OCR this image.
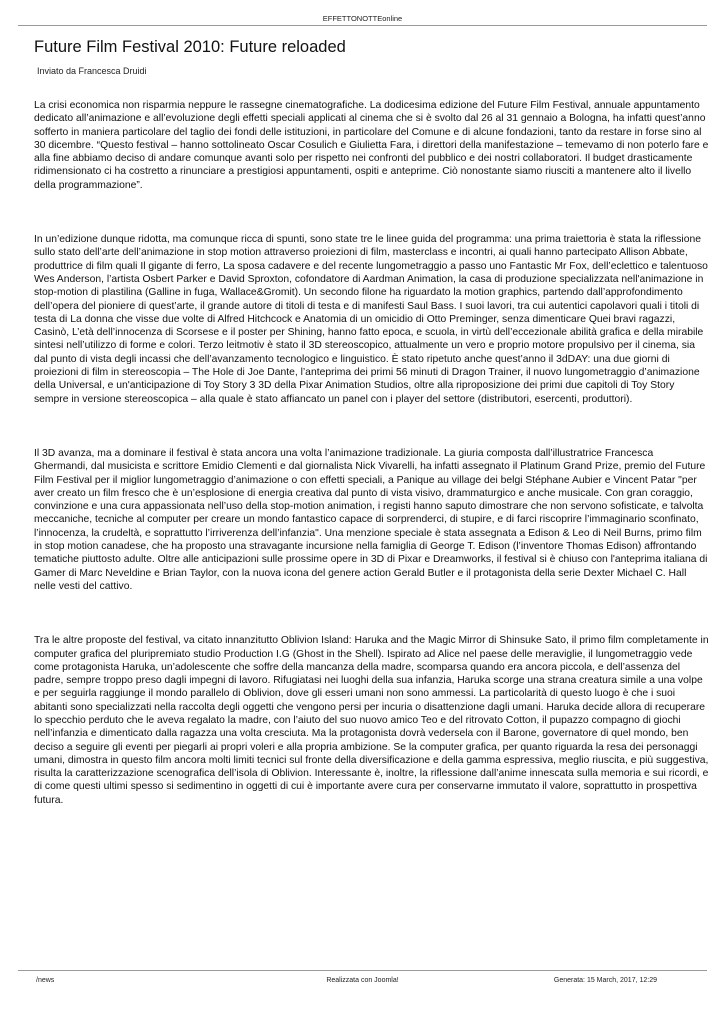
EFFETTONOTTEonline
Future Film Festival 2010: Future reloaded
Inviato da Francesca Druidi

La crisi economica non risparmia neppure le rassegne cinematografiche. La dodicesima edizione del Future Film Festival, annuale appuntamento dedicato all’animazione e all’evoluzione degli effetti speciali applicati al cinema che si è svolto dal 26 al 31 gennaio a Bologna, ha infatti quest’anno sofferto in maniera particolare del taglio dei fondi delle istituzioni, in particolare del Comune e di alcune fondazioni, tanto da restare in forse sino al 30 dicembre. “Questo festival – hanno sottolineato Oscar Cosulich e Giulietta Fara, i direttori della manifestazione – temevamo di non poterlo fare e alla fine abbiamo deciso di andare comunque avanti solo per rispetto nei confronti del pubblico e dei nostri collaboratori. Il budget drasticamente ridimensionato ci ha costretto a rinunciare a prestigiosi appuntamenti, ospiti e anteprime. Ciò nonostante siamo riusciti a mantenere alto il livello della programmazione”.

In un’edizione dunque ridotta, ma comunque ricca di spunti, sono state tre le linee guida del programma: una prima traiettoria è stata la riflessione sullo stato dell’arte dell’animazione in stop motion attraverso proiezioni di film, masterclass e incontri, ai quali hanno partecipato Allison Abbate, produttrice di film quali Il gigante di ferro, La sposa cadavere e del recente lungometraggio a passo uno Fantastic Mr Fox, dell’eclettico e talentuoso Wes Anderson, l’artista Osbert Parker e David Sproxton, cofondatore di Aardman Animation, la casa di produzione specializzata nell'animazione in stop-motion di plastilina (Galline in fuga, Wallace&Gromit). Un secondo filone ha riguardato la motion graphics, partendo dall’approfondimento dell’opera del pioniere di quest’arte, il grande autore di titoli di testa e di manifesti Saul Bass. I suoi lavori, tra cui autentici capolavori quali i titoli di testa di La donna che visse due volte di Alfred Hitchcock e Anatomia di un omicidio di Otto Preminger, senza dimenticare Quei bravi ragazzi, Casinò, L’età dell’innocenza di Scorsese e il poster per Shining, hanno fatto epoca, e scuola, in virtù dell’eccezionale abilità grafica e della mirabile sintesi nell’utilizzo di forme e colori. Terzo leitmotiv è stato il 3D stereoscopico, attualmente un vero e proprio motore propulsivo per il cinema, sia dal punto di vista degli incassi che dell’avanzamento tecnologico e linguistico. È stato ripetuto anche quest’anno il 3dDAY: una due giorni di proiezioni di film in stereoscopia – The Hole di Joe Dante, l’anteprima dei primi 56 minuti di Dragon Trainer, il nuovo lungometraggio d’animazione della Universal, e un'anticipazione di Toy Story 3 3D della Pixar Animation Studios, oltre alla riproposizione dei primi due capitoli di Toy Story sempre in versione stereoscopica – alla quale è stato affiancato un panel con i player del settore (distributori, esercenti, produttori).

Il 3D avanza, ma a dominare il festival è stata ancora una volta l’animazione tradizionale. La giuria composta dall’illustratrice Francesca Ghermandi, dal musicista e scrittore Emidio Clementi e dal giornalista Nick Vivarelli, ha infatti assegnato il Platinum Grand Prize, premio del Future Film Festival per il miglior lungometraggio d’animazione o con effetti speciali, a Panique au village dei belgi Stéphane Aubier e Vincent Patar "per aver creato un film fresco che è un’esplosione di energia creativa dal punto di vista visivo, drammaturgico e anche musicale. Con gran coraggio, convinzione e una cura appassionata nell’uso della stop-motion animation, i registi hanno saputo dimostrare che non servono sofisticate, e talvolta meccaniche, tecniche al computer per creare un mondo fantastico capace di sorprenderci, di stupire, e di farci riscoprire l’immaginario sconfinato, l’innocenza, la crudeltà, e soprattutto l’irriverenza dell’infanzia". Una menzione speciale è stata assegnata a Edison & Leo di Neil Burns, primo film in stop motion canadese, che ha proposto una stravagante incursione nella famiglia di George T. Edison (l’inventore Thomas Edison) affrontando tematiche piuttosto adulte. Oltre alle anticipazioni sulle prossime opere in 3D di Pixar e Dreamworks, il festival si è chiuso con l'anteprima italiana di Gamer di Marc Neveldine e Brian Taylor, con la nuova icona del genere action Gerald Butler e il protagonista della serie Dexter Michael C. Hall nelle vesti del cattivo.

Tra le altre proposte del festival, va citato innanzitutto Oblivion Island: Haruka and the Magic Mirror di Shinsuke Sato, il primo film completamente in computer grafica del pluripremiato studio Production I.G (Ghost in the Shell). Ispirato ad Alice nel paese delle meraviglie, il lungometraggio vede come protagonista Haruka, un’adolescente che soffre della mancanza della madre, scomparsa quando era ancora piccola, e dell’assenza del padre, sempre troppo preso dagli impegni di lavoro. Rifugiatasi nei luoghi della sua infanzia, Haruka scorge una strana creatura simile a una volpe e per seguirla raggiunge il mondo parallelo di Oblivion, dove gli esseri umani non sono ammessi. La particolarità di questo luogo è che i suoi abitanti sono specializzati nella raccolta degli oggetti che vengono persi per incuria o disattenzione dagli umani. Haruka decide allora di recuperare lo specchio perduto che le aveva regalato la madre, con l’aiuto del suo nuovo amico Teo e del ritrovato Cotton, il pupazzo compagno di giochi nell’infanzia e dimenticato dalla ragazza una volta cresciuta. Ma la protagonista dovrà vedersela con il Barone, governatore di quel mondo, ben deciso a seguire gli eventi per piegarli ai propri voleri e alla propria ambizione. Se la computer grafica, per quanto riguarda la resa dei personaggi umani, dimostra in questo film ancora molti limiti tecnici sul fronte della diversificazione e della gamma espressiva, meglio riuscita, e più suggestiva, risulta la caratterizzazione scenografica dell’isola di Oblivion. Interessante è, inoltre, la riflessione dall’anime innescata sulla memoria e sui ricordi, e di come questi ultimi spesso si sedimentino in oggetti di cui è importante avere cura per conservarne immutato il valore, soprattutto in prospettiva futura.

/news	Realizzata con Joomla!	Generata: 15 March, 2017, 12:29
